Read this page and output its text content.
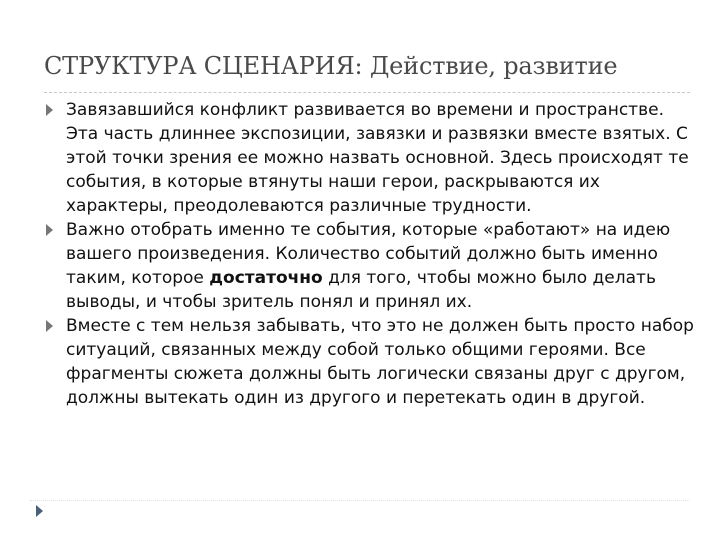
СТРУКТУРА СЦЕНАРИЯ: Действие, развитие
Завязавшийся конфликт развивается во времени и пространстве. Эта часть длиннее экспозиции, завязки и развязки вместе взятых. С этой точки зрения ее можно назвать основной. Здесь происходят те события, в которые втянуты наши герои, раскрываются их характеры, преодолеваются различные трудности.
Важно отобрать именно те события, которые «работают» на идею вашего произведения. Количество событий должно быть именно таким, которое достаточно для того, чтобы можно было делать выводы, и чтобы зритель понял и принял их.
Вместе с тем нельзя забывать, что это не должен быть просто набор ситуаций, связанных между собой только общими героями. Все фрагменты сюжета должны быть логически связаны друг с другом, должны вытекать один из другого и перетекать один в другой.
